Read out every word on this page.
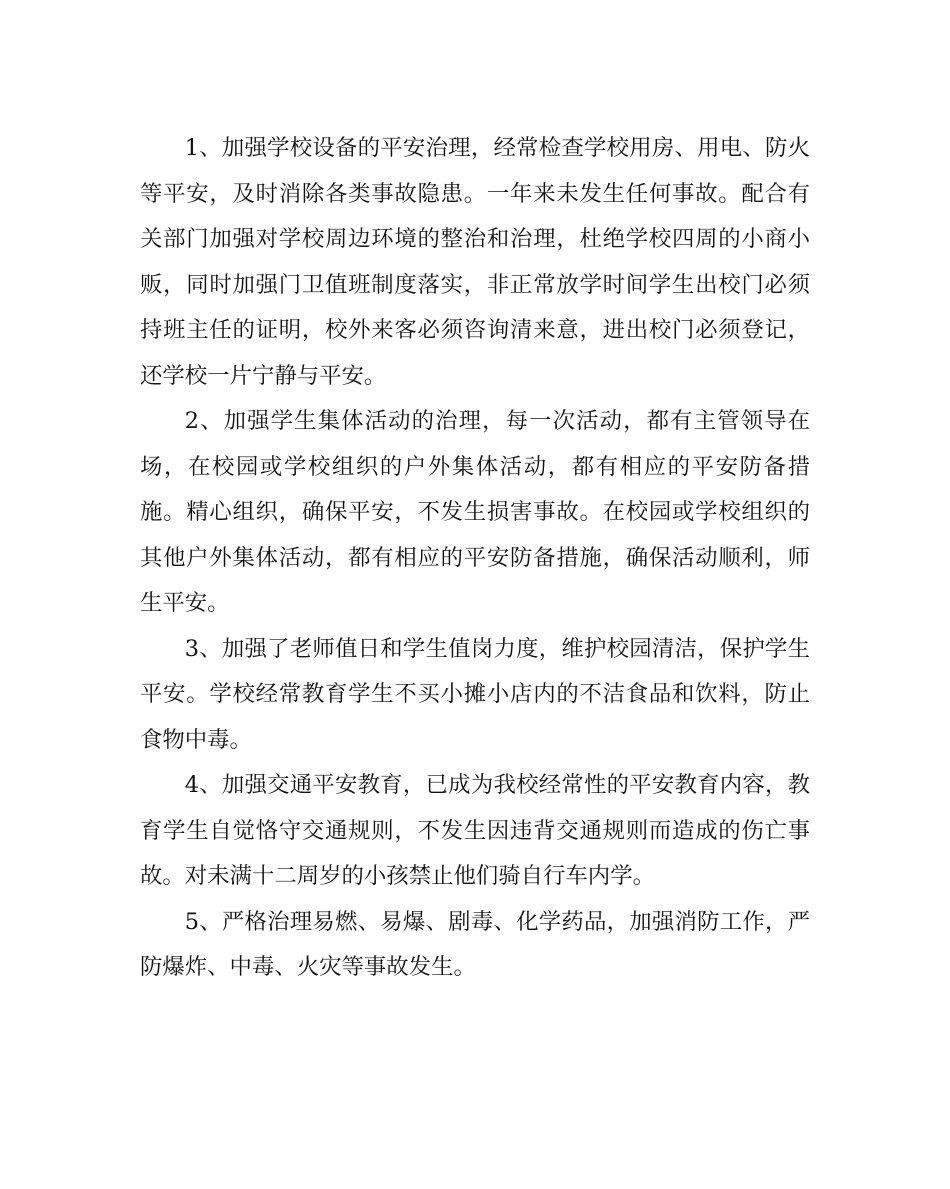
1、加强学校设备的平安治理，经常检查学校用房、用电、防火等平安，及时消除各类事故隐患。一年来未发生任何事故。配合有关部门加强对学校周边环境的整治和治理，杜绝学校四周的小商小贩，同时加强门卫值班制度落实，非正常放学时间学生出校门必须持班主任的证明，校外来客必须咨询清来意，进出校门必须登记，还学校一片宁静与平安。

2、加强学生集体活动的治理，每一次活动，都有主管领导在场，在校园或学校组织的户外集体活动，都有相应的平安防备措施。精心组织，确保平安，不发生损害事故。在校园或学校组织的其他户外集体活动，都有相应的平安防备措施，确保活动顺利，师生平安。

3、加强了老师值日和学生值岗力度，维护校园清洁，保护学生平安。学校经常教育学生不买小摊小店内的不洁食品和饮料，防止食物中毒。

4、加强交通平安教育，已成为我校经常性的平安教育内容，教育学生自觉恪守交通规则，不发生因违背交通规则而造成的伤亡事故。对未满十二周岁的小孩禁止他们骑自行车内学。

5、严格治理易燃、易爆、剧毒、化学药品，加强消防工作，严防爆炸、中毒、火灾等事故发生。
